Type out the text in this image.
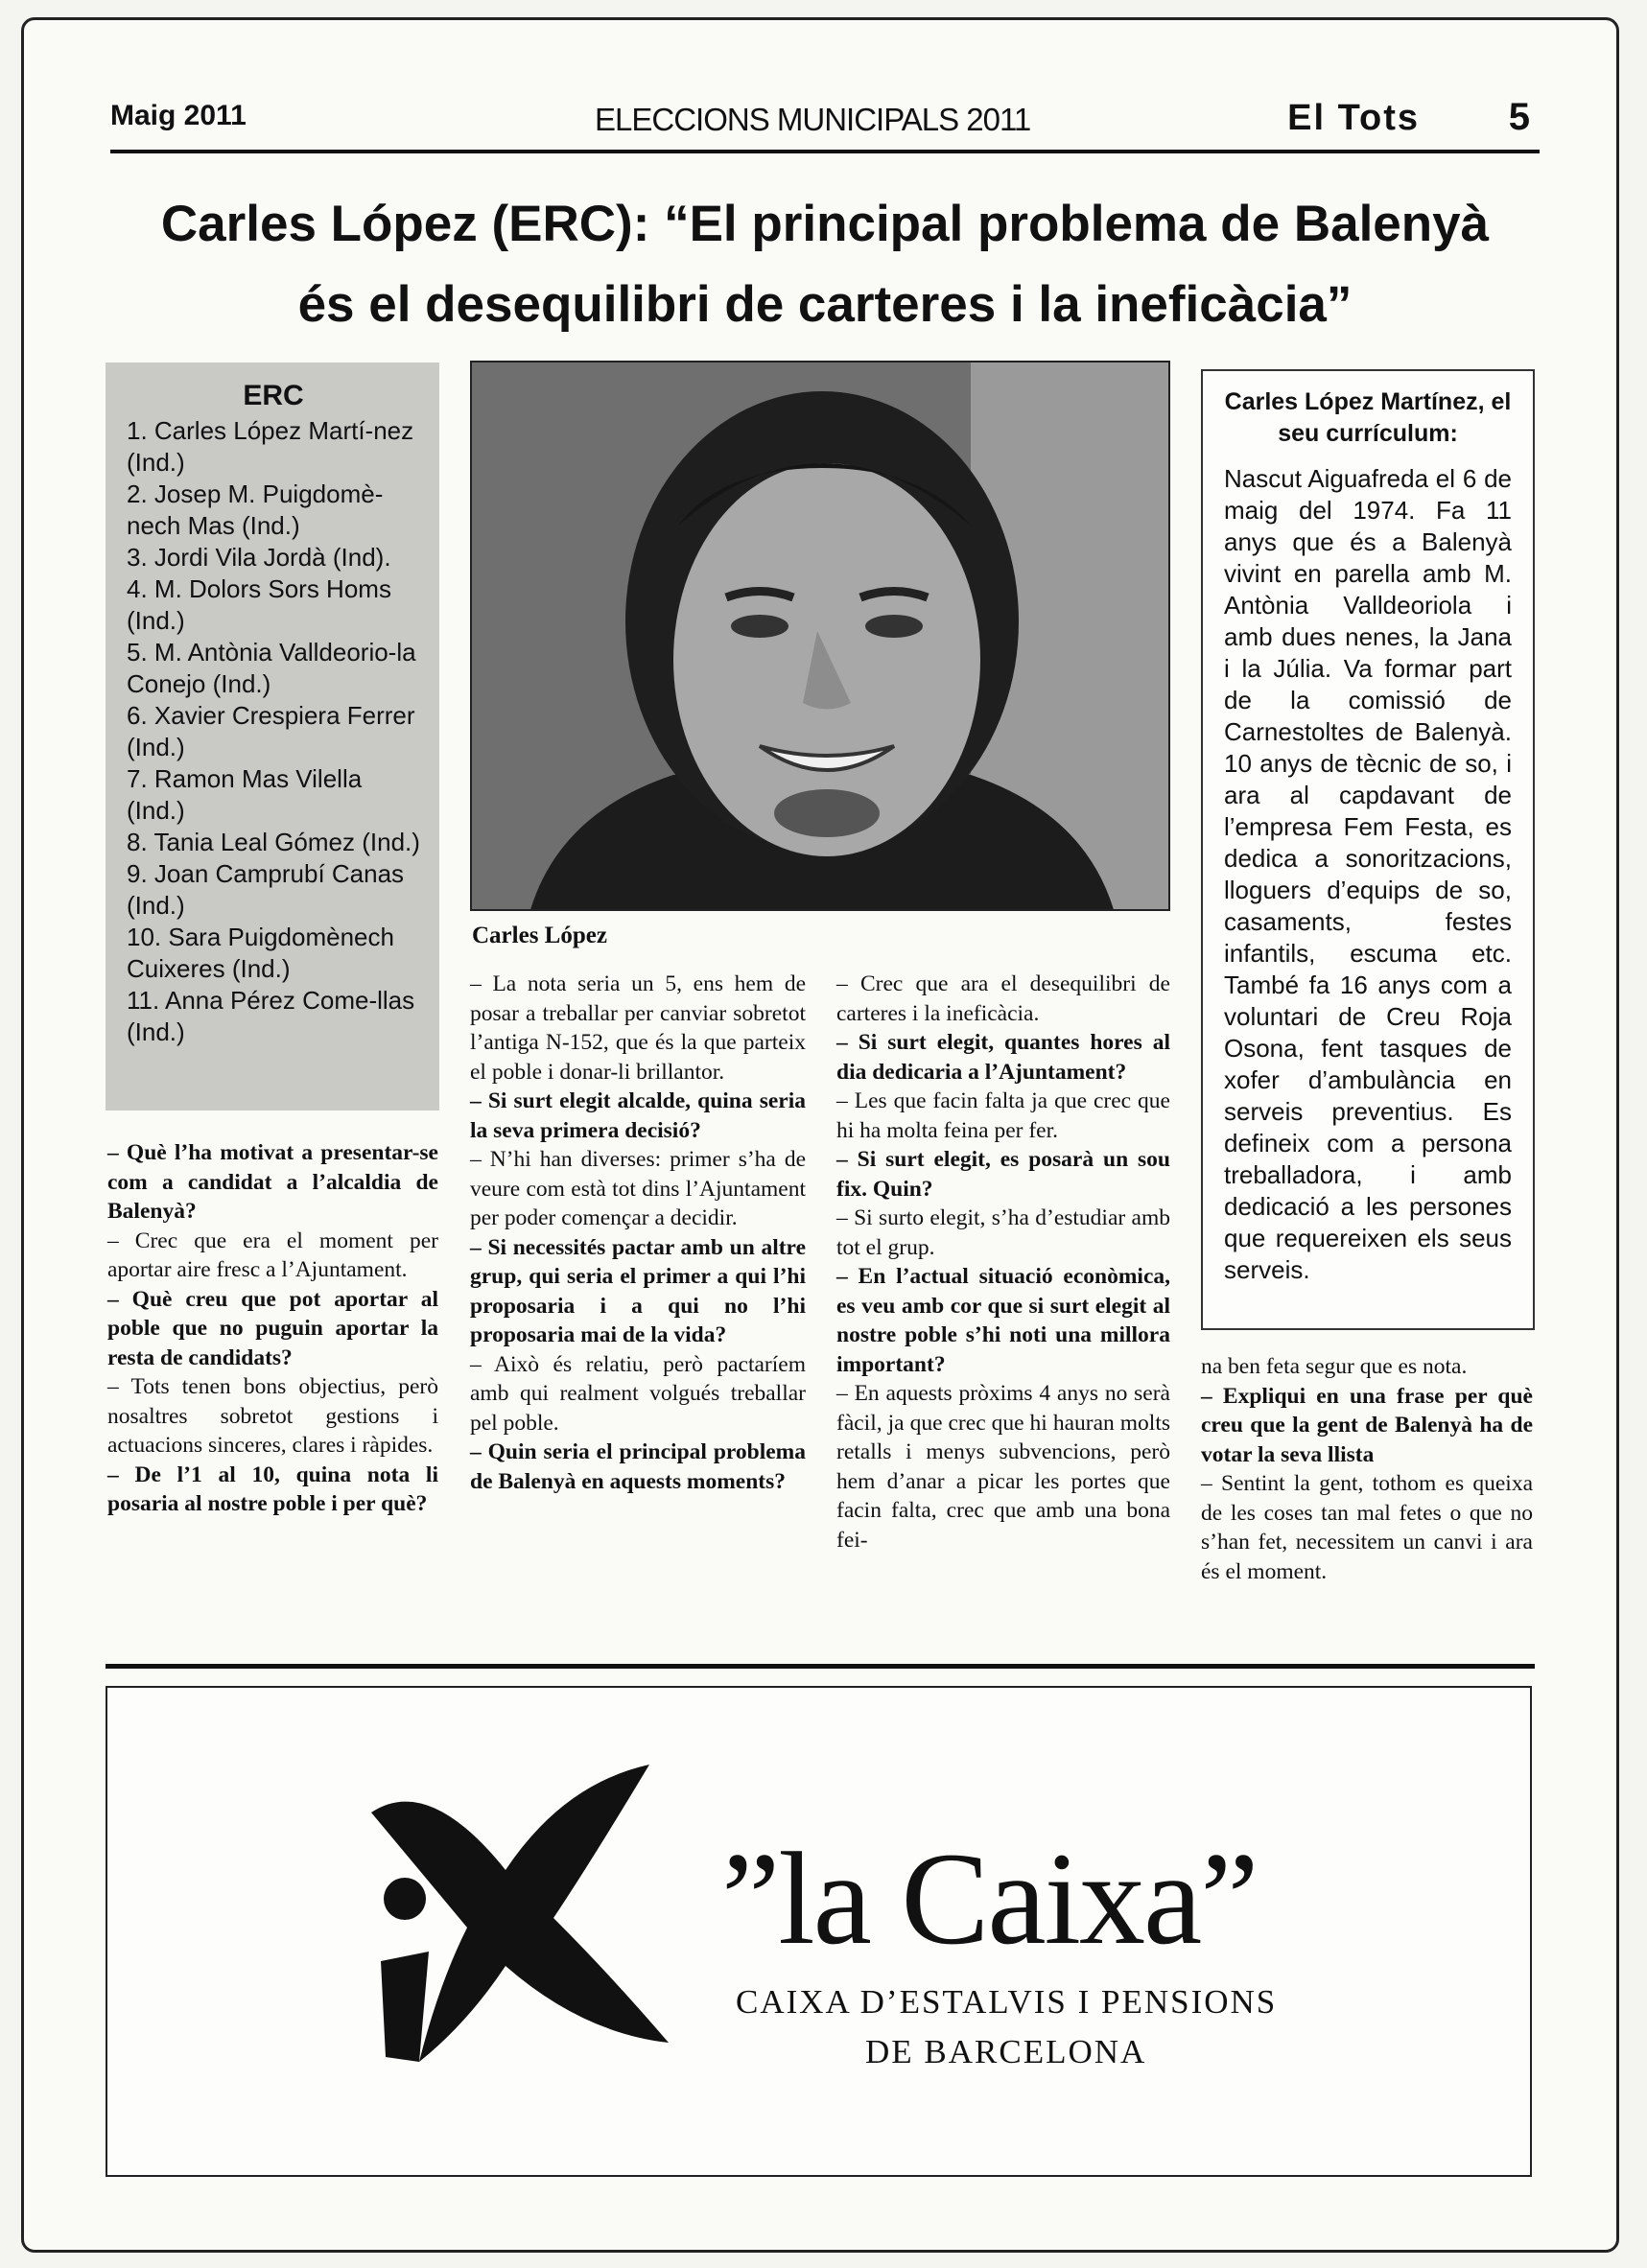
Maig 2011	ELECCIONS MUNICIPALS 2011	El Tots 5
Carles López (ERC): “El principal problema de Balenyà
és el desequilibri de carteres i la ineficàcia”
ERC
1. Carles López Martí-nez (Ind.)
2. Josep M. Puigdomè-nech Mas (Ind.)
3. Jordi Vila Jordà (Ind).
4. M. Dolors Sors Homs (Ind.)
5. M. Antònia Valldeorio-la Conejo (Ind.)
6. Xavier Crespiera Ferrer (Ind.)
7. Ramon Mas Vilella (Ind.)
8. Tania Leal Gómez (Ind.)
9. Joan Camprubí Canas (Ind.)
10. Sara Puigdomènech Cuixeres (Ind.)
11. Anna Pérez Come-llas (Ind.)
Carles López
Carles López Martínez, el seu currículum:
Nascut Aiguafreda el 6 de maig del 1974. Fa 11 anys que és a Balenyà vivint en parella amb M. Antònia Valldeoriola i amb dues nenes, la Jana i la Júlia. Va formar part de la comissió de Carnestoltes de Balenyà. 10 anys de tècnic de so, i ara al capdavant de l’empresa Fem Festa, es dedica a sonoritzacions, lloguers d’equips de so, casaments, festes infantils, escuma etc. També fa 16 anys com a voluntari de Creu Roja Osona, fent tasques de xofer d’ambulància en serveis preventius. Es defineix com a persona treballadora, i amb dedicació a les persones que requereixen els seus serveis.

– Què l’ha motivat a presentar-se com a candidat a l’alcaldia de Balenyà?

– Crec que era el moment per aportar aire fresc a l’Ajuntament.

– Què creu que pot aportar al poble que no puguin aportar la resta de candidats?

– Tots tenen bons objectius, però nosaltres sobretot gestions i actuacions sinceres, clares i ràpides.

– De l’1 al 10, quina nota li posaria al nostre poble i per què?

– La nota seria un 5, ens hem de posar a treballar per canviar sobretot l’antiga N-152, que és la que parteix el poble i donar-li brillantor.

– Si surt elegit alcalde, quina seria la seva primera decisió?

– N’hi han diverses: primer s’ha de veure com està tot dins l’Ajuntament per poder començar a decidir.

– Si necessités pactar amb un altre grup, qui seria el primer a qui l’hi proposaria i a qui no l’hi proposaria mai de la vida?

– Això és relatiu, però pactaríem amb qui realment volgués treballar pel poble.

– Quin seria el principal problema de Balenyà en aquests moments?

– Crec que ara el desequilibri de carteres i la ineficàcia.

– Si surt elegit, quantes hores al dia dedicaria a l’Ajuntament?

– Les que facin falta ja que crec que hi ha molta feina per fer.

– Si surt elegit, es posarà un sou fix. Quin?

– Si surto elegit, s’ha d’estudiar amb tot el grup.

– En l’actual situació econòmica, es veu amb cor que si surt elegit al nostre poble s’hi noti una millora important?

– En aquests pròxims 4 anys no serà fàcil, ja que crec que hi hauran molts retalls i menys subvencions, però hem d’anar a picar les portes que facin falta, crec que amb una bona fei-

na ben feta segur que es nota.

– Expliqui en una frase per què creu que la gent de Balenyà ha de votar la seva llista

– Sentint la gent, tothom es queixa de les coses tan mal fetes o que no s’han fet, necessitem un canvi i ara és el moment.

”la Caixa”
CAIXA D’ESTALVIS I PENSIONS
DE BARCELONA
